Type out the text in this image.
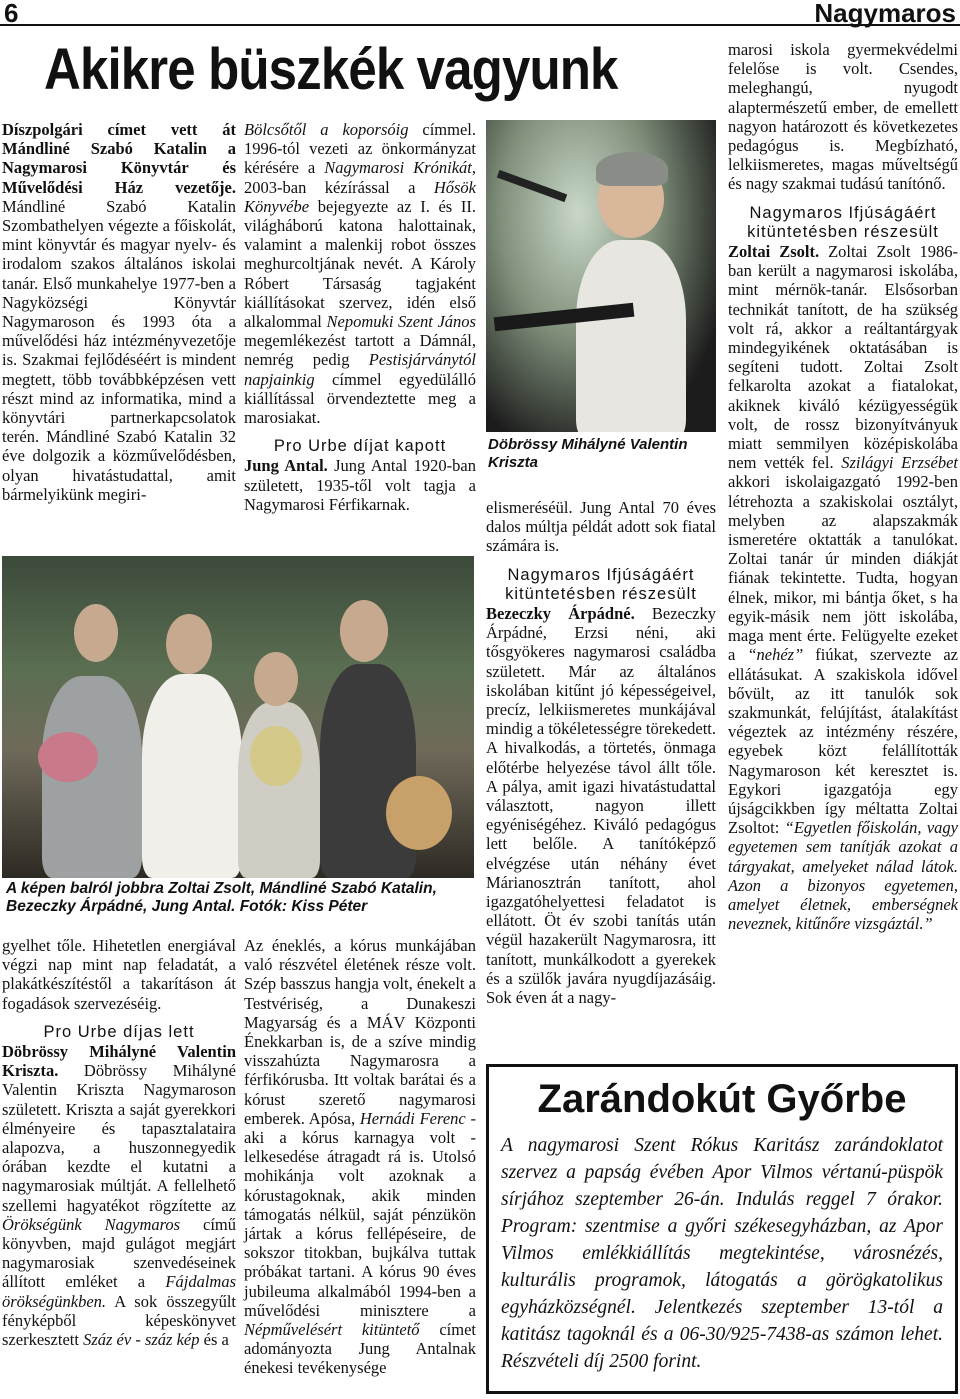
6	Nagymaros
Akikre büszkék vagyunk

Díszpolgári címet vett át Mándliné Szabó Katalin a Nagymarosi Könyvtár és Művelődési Ház vezetője. Mándliné Szabó Katalin Szombathelyen végezte a főiskolát, mint könyvtár és magyar nyelv- és irodalom szakos általános iskolai tanár. Első munkahelye 1977-ben a Nagyközségi Könyvtár Nagymaroson és 1993 óta a művelődési ház intézményvezetője is. Szakmai fejlődéséért is mindent megtett, több továbbképzésen vett részt mind az informatika, mind a könyvtári partnerkapcsolatok terén. Mándliné Szabó Katalin 32 éve dolgozik a közművelődésben, olyan hivatástudattal, amit bármelyikünk megiri-

Bölcsőtől a koporsóig címmel. 1996-tól vezeti az önkormányzat kérésére a Nagymarosi Krónikát, 2003-ban kézírással a Hősök Könyvébe bejegyezte az I. és II. világháború katona halottainak, valamint a malenkij robot összes meghurcoltjának nevét. A Károly Róbert Társaság tagjaként kiállításokat szervez, idén első alkalommal Nepomuki Szent János megemlékezést tartott a Dámnál, nemrég pedig Pestisjárványtól napjainkig címmel egyedülálló kiállítással örvendeztette meg a marosiakat.

Pro Urbe díjat kapott

Jung Antal. Jung Antal 1920-ban született, 1935-től volt tagja a Nagymarosi Férfikarnak.

Döbrössy Mihályné Valentin Kriszta
A képen balról jobbra Zoltai Zsolt, Mándliné Szabó Katalin, Bezeczky Árpádné, Jung Antal. Fotók: Kiss Péter

gyelhet tőle. Hihetetlen energiával végzi nap mint nap feladatát, a plakátkészítéstől a takarításon át fogadások szervezéséig.

Pro Urbe díjas lett

Döbrössy Mihályné Valentin Kriszta. Döbrössy Mihályné Valentin Kriszta Nagymaroson született. Kriszta a saját gyerekkori élményeire és tapasztalataira alapozva, a huszonnegyedik órában kezdte el kutatni a nagymarosiak múltját. A fellelhető szellemi hagyatékot rögzítette az Örökségünk Nagymaros című könyvben, majd gulágot megjárt nagymarosiak szenvedéseinek állított emléket a Fájdalmas örökségünkben. A sok összegyűlt fényképből képeskönyvet szerkesztett Száz év - száz kép és a

Az éneklés, a kórus munkájában való részvétel életének része volt. Szép basszus hangja volt, énekelt a Testvériség, a Dunakeszi Magyarság és a MÁV Központi Énekkarban is, de a szíve mindig visszahúzta Nagymarosra a férfikórusba. Itt voltak barátai és a kórust szerető nagymarosi emberek. Apósa, Hernádi Ferenc - aki a kórus karnagya volt - lelkesedése átragadt rá is. Utolsó mohikánja volt azoknak a kórustagoknak, akik minden támogatás nélkül, saját pénzükön jártak a kórus fellépéseire, de sokszor titokban, bujkálva tuttak próbákat tartani. A kórus 90 éves jubileuma alkalmából 1994-ben a művelődési minisztere a Népművelésért kitüntető címet adományozta Jung Antalnak énekesi tevékenysége

elismeréséül. Jung Antal 70 éves dalos múltja példát adott sok fiatal számára is.

Nagymaros Ifjúságáért kitüntetésben részesült

Bezeczky Árpádné. Bezeczky Árpádné, Erzsi néni, aki tősgyökeres nagymarosi családba született. Már az általános iskolában kitűnt jó képességeivel, precíz, lelkiismeretes munkájával mindig a tökéletességre törekedett. A hivalkodás, a törtetés, önmaga előtérbe helyezése távol állt tőle. A pálya, amit igazi hivatástudattal választott, nagyon illett egyéniségéhez. Kiváló pedagógus lett belőle. A tanítóképző elvégzése után néhány évet Márianosztrán tanított, ahol igazgatóhelyettesi feladatot is ellátott. Öt év szobi tanítás után végül hazakerült Nagymarosra, itt tanított, munkálkodott a gyerekek és a szülők javára nyugdíjazásáig. Sok éven át a nagy-

marosi iskola gyermekvédelmi felelőse is volt. Csendes, meleghangú, nyugodt alaptermészetű ember, de emellett nagyon határozott és következetes pedagógus is. Megbízható, lelkiismeretes, magas műveltségű és nagy szakmai tudású tanítónő.

Nagymaros Ifjúságáért kitüntetésben részesült

Zoltai Zsolt. Zoltai Zsolt 1986-ban került a nagymarosi iskolába, mint mérnök-tanár. Elsősorban technikát tanított, de ha szükség volt rá, akkor a reáltantárgyak mindegyikének oktatásában is segíteni tudott. Zoltai Zsolt felkarolta azokat a fiatalokat, akiknek kiváló kézügyességük volt, de rossz bizonyítványuk miatt semmilyen középiskolába nem vették fel. Szilágyi Erzsébet akkori iskolaigazgató 1992-ben létrehozta a szakiskolai osztályt, melyben az alapszakmák ismeretére oktatták a tanulókat. Zoltai tanár úr minden diákját fiának tekintette. Tudta, hogyan élnek, mikor, mi bántja őket, s ha egyik-másik nem jött iskolába, maga ment érte. Felügyelte ezeket a “nehéz” fiúkat, szervezte az ellátásukat. A szakiskola idővel bővült, az itt tanulók sok szakmunkát, felújítást, átalakítást végeztek az intézmény részére, egyebek közt felállították Nagymaroson két keresztet is. Egykori igazgatója egy újságcikkben így méltatta Zoltai Zsoltot: “Egyetlen főiskolán, vagy egyetemen sem tanítják azokat a tárgyakat, amelyeket nálad látok. Azon a bizonyos egyetemen, amelyet életnek, emberségnek neveznek, kitűnőre vizsgáztál.”

Zarándokút Győrbe
A nagymarosi Szent Rókus Karitász zarándoklatot szervez a papság évében Apor Vilmos vértanú-püspök sírjához szeptember 26-án. Indulás reggel 7 órakor. Program: szentmise a győri székesegyházban, az Apor Vilmos emlékkiállítás megtekintése, városnézés, kulturális programok, látogatás a görögkatolikus egyházközségnél. Jelentkezés szeptember 13-tól a katitász tagoknál és a 06-30/925-7438-as számon lehet. Részvételi díj 2500 forint.
